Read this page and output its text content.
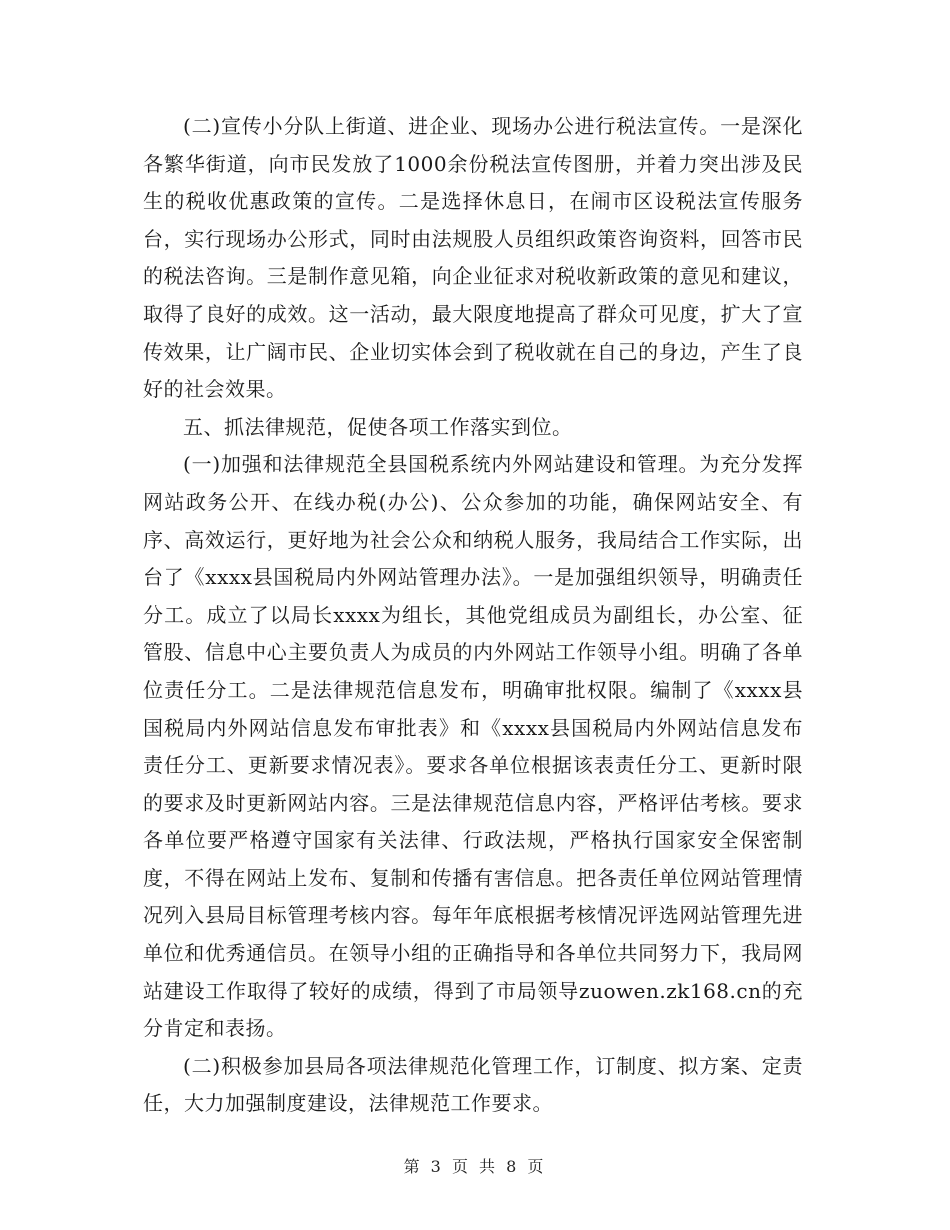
(二)宣传小分队上街道、进企业、现场办公进行税法宣传。一是深化各繁华街道，向市民发放了1000余份税法宣传图册，并着力突出涉及民生的税收优惠政策的宣传。二是选择休息日，在闹市区设税法宣传服务台，实行现场办公形式，同时由法规股人员组织政策咨询资料，回答市民的税法咨询。三是制作意见箱，向企业征求对税收新政策的意见和建议，取得了良好的成效。这一活动，最大限度地提高了群众可见度，扩大了宣传效果，让广阔市民、企业切实体会到了税收就在自己的身边，产生了良好的社会效果。

五、抓法律规范，促使各项工作落实到位。

(一)加强和法律规范全县国税系统内外网站建设和管理。为充分发挥网站政务公开、在线办税(办公)、公众参加的功能，确保网站安全、有序、高效运行，更好地为社会公众和纳税人服务，我局结合工作实际，出台了《xxxx县国税局内外网站管理办法》。一是加强组织领导，明确责任分工。成立了以局长xxxx为组长，其他党组成员为副组长，办公室、征管股、信息中心主要负责人为成员的内外网站工作领导小组。明确了各单位责任分工。二是法律规范信息发布，明确审批权限。编制了《xxxx县国税局内外网站信息发布审批表》和《xxxx县国税局内外网站信息发布责任分工、更新要求情况表》。要求各单位根据该表责任分工、更新时限的要求及时更新网站内容。三是法律规范信息内容，严格评估考核。要求各单位要严格遵守国家有关法律、行政法规，严格执行国家安全保密制度，不得在网站上发布、复制和传播有害信息。把各责任单位网站管理情况列入县局目标管理考核内容。每年年底根据考核情况评选网站管理先进单位和优秀通信员。在领导小组的正确指导和各单位共同努力下，我局网站建设工作取得了较好的成绩，得到了市局领导zuowen.zk168.cn的充分肯定和表扬。

(二)积极参加县局各项法律规范化管理工作，订制度、拟方案、定责任，大力加强制度建设，法律规范工作要求。

第 3 页 共 8 页
